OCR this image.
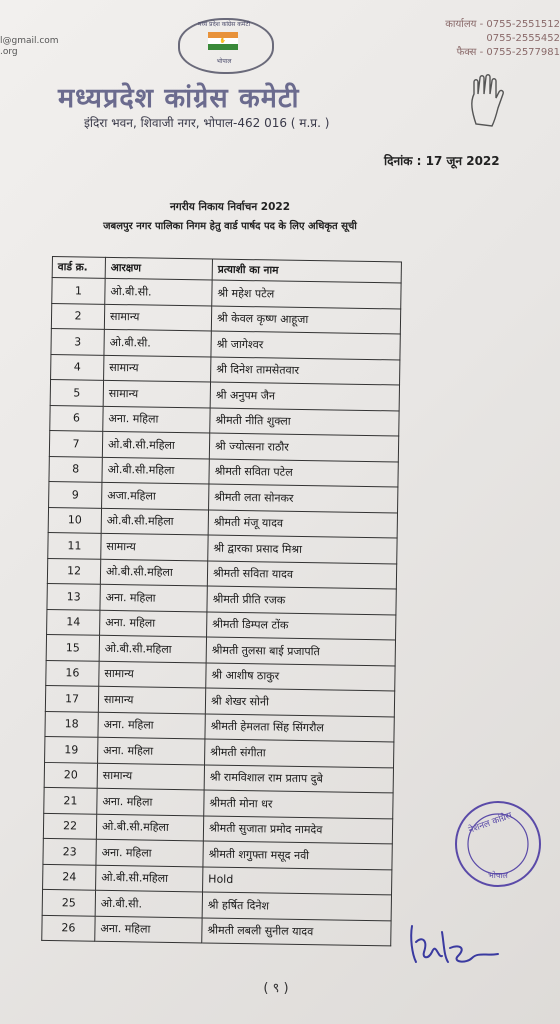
l@gmail.com
.org
कार्यालय - 0755-2551512
0755-2555452
फैक्स - 0755-2577981
मध्य प्रदेश कांग्रेस कमेटी
✋
भोपाल
मध्यप्रदेश कांग्रेस कमेटी
इंदिरा भवन, शिवाजी नगर, भोपाल-462 016 ( म.प्र. )
दिनांक : 17 जून 2022
नगरीय निकाय निर्वाचन 2022
जबलपुर नगर पालिका निगम हेतु वार्ड पार्षद पद के लिए अधिकृत सूची
वार्ड क्र.	आरक्षण	प्रत्याशी का नाम
1	ओ.बी.सी.	श्री महेश पटेल
2	सामान्य	श्री केवल कृष्ण आहूजा
3	ओ.बी.सी.	श्री जागेश्वर
4	सामान्य	श्री दिनेश तामसेतवार
5	सामान्य	श्री अनुपम जैन
6	अना. महिला	श्रीमती नीति शुक्ला
7	ओ.बी.सी.महिला	श्री ज्योत्सना राठौर
8	ओ.बी.सी.महिला	श्रीमती सविता पटेल
9	अजा.महिला	श्रीमती लता सोनकर
10	ओ.बी.सी.महिला	श्रीमती मंजू यादव
11	सामान्य	श्री द्वारका प्रसाद मिश्रा
12	ओ.बी.सी.महिला	श्रीमती सविता यादव
13	अना. महिला	श्रीमती प्रीति रजक
14	अना. महिला	श्रीमती डिम्पल टोंक
15	ओ.बी.सी.महिला	श्रीमती तुलसा बाई प्रजापति
16	सामान्य	श्री आशीष ठाकुर
17	सामान्य	श्री शेखर सोनी
18	अना. महिला	श्रीमती हेमलता सिंह सिंगरौल
19	अना. महिला	श्रीमती संगीता
20	सामान्य	श्री रामविशाल राम प्रताप दुबे
21	अना. महिला	श्रीमती मोना धर
22	ओ.बी.सी.महिला	श्रीमती सुजाता प्रमोद नामदेव
23	अना. महिला	श्रीमती शगुफ्ता मसूद नवी
24	ओ.बी.सी.महिला	Hold
25	ओ.बी.सी.	श्री हर्षित दिनेश
26	अना. महिला	श्रीमती लबली सुनील यादव
नेशनल कांग्रेस
भोपाल
( ९ )
